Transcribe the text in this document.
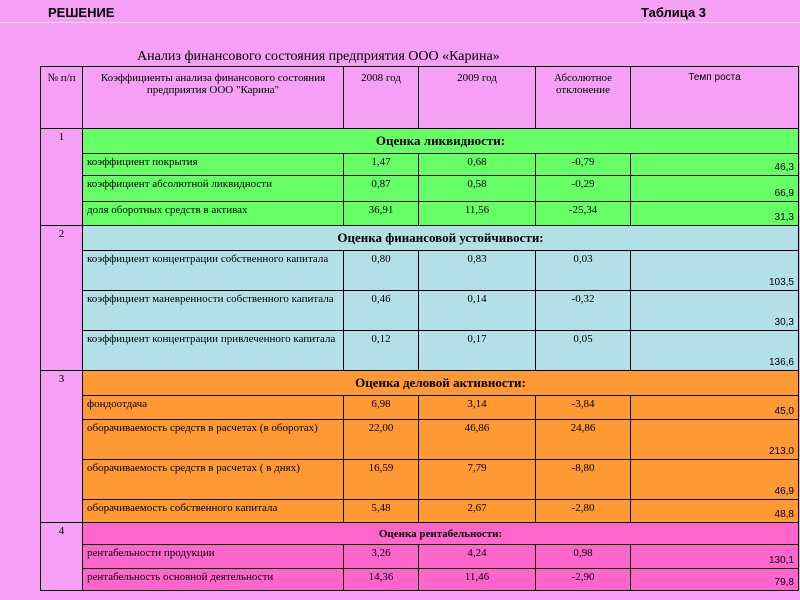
РЕШЕНИЕ	Таблица 3
Анализ финансового состояния предприятия ООО «Карина»
№ п/п	Коэффициенты анализа финансового состояния предприятия ООО "Карина"	2008 год	2009 год	Абсолютное отклонение	Темп роста
1	Оценка ликвидности:				
	коэффициент покрытия	1,47	0,68	-0,79	46,3
	коэффициент абсолютной ликвидности	0,87	0,58	-0,29	66,9
	доля оборотных средств в активах	36,91	11,56	-25,34	31,3
2	Оценка финансовой устойчивости:				
	коэффициент концентрации собственного капитала	0,80	0,83	0,03	103,5
	коэффициент маневренности собственного капитала	0,46	0,14	-0,32	30,3
	коэффициент концентрации привлеченного капитала	0,12	0,17	0,05	136,6
3	Оценка деловой активности:				
	фондоотдача	6,98	3,14	-3,84	45,0
	оборачиваемость средств в расчетах (в оборотах)	22,00	46,86	24,86	213,0
	оборачиваемость средств в расчетах ( в днях)	16,59	7,79	-8,80	46,9
	оборачиваемость собственного капитала	5,48	2,67	-2,80	48,8
4	Оценка рентабельности:				
	рентабельности продукции	3,26	4,24	0,98	130,1
	рентабельность основной деятельности	14,36	11,46	-2,90	79,8
